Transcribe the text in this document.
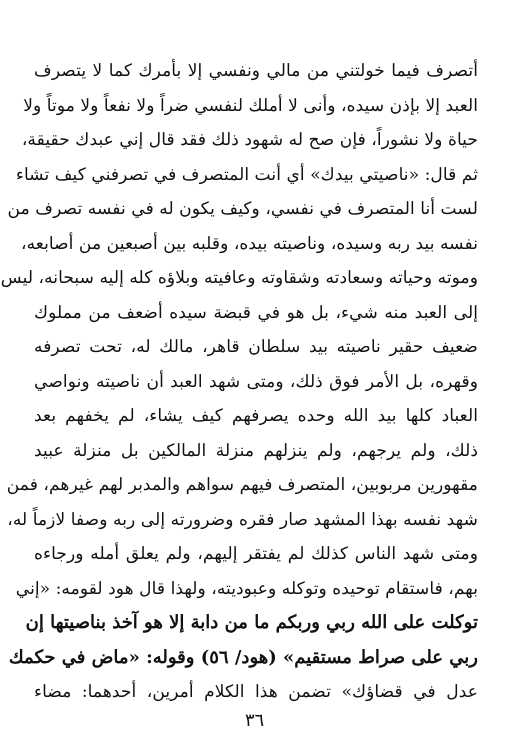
أتصرف فيما خولتني من مالي ونفسي إلا بأمرك كما لا يتصرف
العبد إلا بإذن سيده، وأنى لا أملك لنفسي ضراً ولا نفعاً ولا موتاً ولا
حياة ولا نشوراً، فإن صح له شهود ذلك فقد قال إني عبدك حقيقة،
ثم قال: «ناصيتي بيدك» أي أنت المتصرف في تصرفني كيف تشاء
لست أنا المتصرف في نفسي، وكيف يكون له في نفسه تصرف من
نفسه بيد ربه وسيده، وناصيته بيده، وقلبه بين أصبعين من أصابعه،
وموته وحياته وسعادته وشقاوته وعافيته وبلاؤه كله إليه سبحانه، ليس
إلى العبد منه شيء، بل هو في قبضة سيده أضعف من مملوك
ضعيف حقير ناصيته بيد سلطان قاهر، مالك له، تحت تصرفه
وقهره، بل الأمر فوق ذلك، ومتى شهد العبد أن ناصيته ونواصي
العباد كلها بيد الله وحده يصرفهم كيف يشاء، لم يخفهم بعد
ذلك، ولم يرجهم، ولم ينزلهم منزلة المالكين بل منزلة عبيد
مقهورين مربوبين، المتصرف فيهم سواهم والمدبر لهم غيرهم، فمن
شهد نفسه بهذا المشهد صار فقره وضرورته إلى ربه وصفا لازماً له،
ومتى شهد الناس كذلك لم يفتقر إليهم، ولم يعلق أمله ورجاءه
بهم، فاستقام توحيده وتوكله وعبوديته، ولهذا قال هود لقومه: «إني
توكلت على الله ربي وربكم ما من دابة إلا هو آخذ بناصيتها إن
ربي على صراط مستقيم» (هود/ ٥٦) وقوله: «ماض في حكمك
عدل في قضاؤك» تضمن هذا الكلام أمرين، أحدهما: مضاء
٣٦
